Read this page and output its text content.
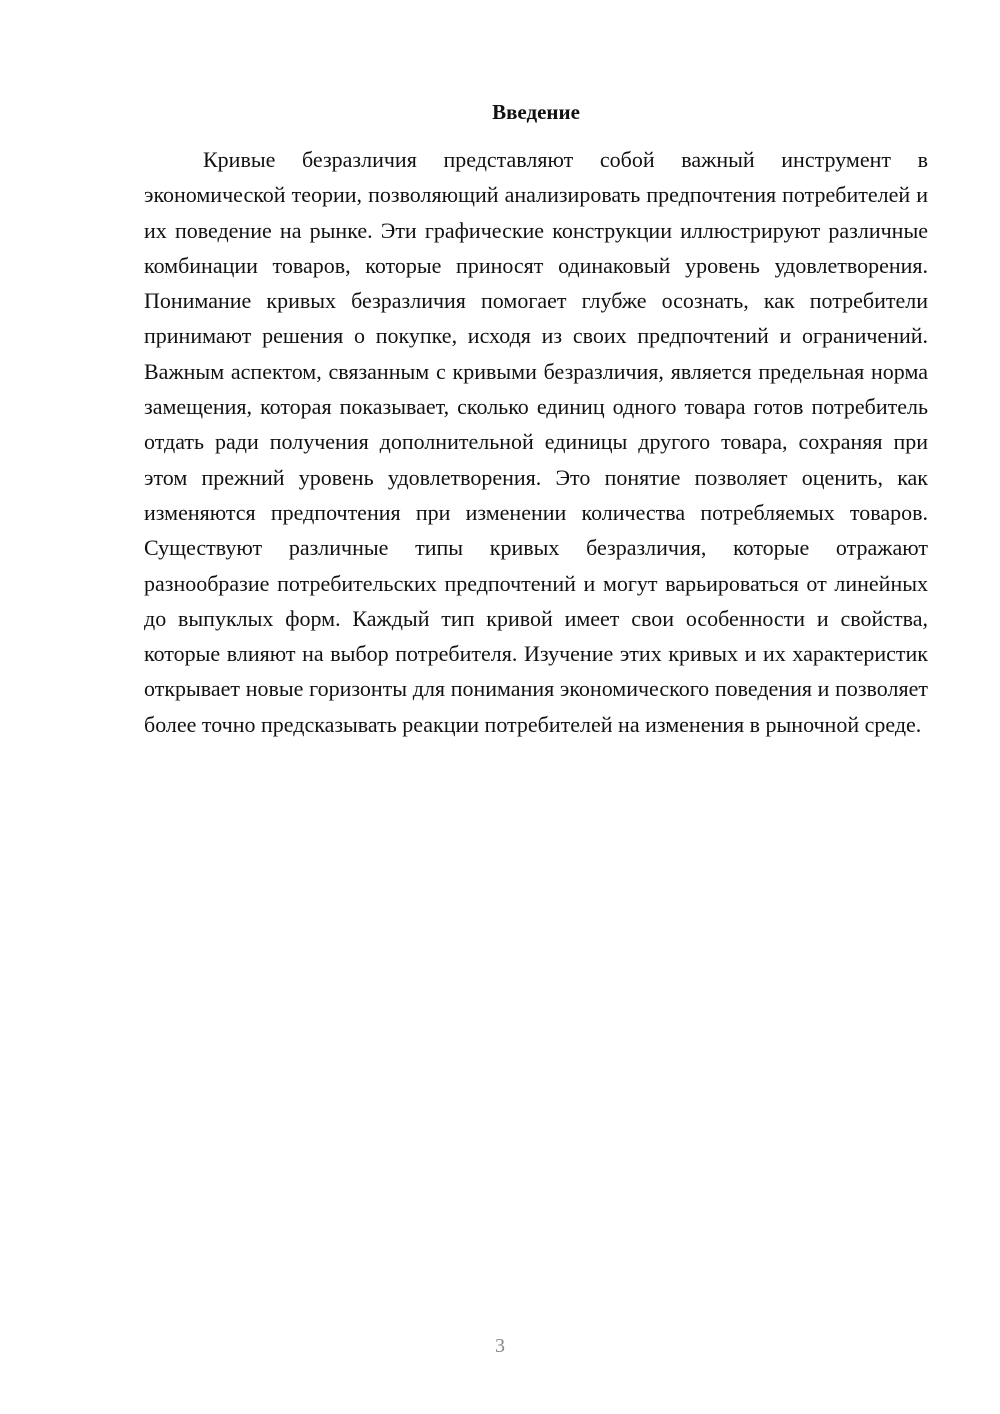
Введение

Кривые безразличия представляют собой важный инструмент в экономической теории, позволяющий анализировать предпочтения потребителей и их поведение на рынке. Эти графические конструкции иллюстрируют различные комбинации товаров, которые приносят одинаковый уровень удовлетворения. Понимание кривых безразличия помогает глубже осознать, как потребители принимают решения о покупке, исходя из своих предпочтений и ограничений. Важным аспектом, связанным с кривыми безразличия, является предельная норма замещения, которая показывает, сколько единиц одного товара готов потребитель отдать ради получения дополнительной единицы другого товара, сохраняя при этом прежний уровень удовлетворения. Это понятие позволяет оценить, как изменяются предпочтения при изменении количества потребляемых товаров. Существуют различные типы кривых безразличия, которые отражают разнообразие потребительских предпочтений и могут варьироваться от линейных до выпуклых форм. Каждый тип кривой имеет свои особенности и свойства, которые влияют на выбор потребителя. Изучение этих кривых и их характеристик открывает новые горизонты для понимания экономического поведения и позволяет более точно предсказывать реакции потребителей на изменения в рыночной среде.

3
